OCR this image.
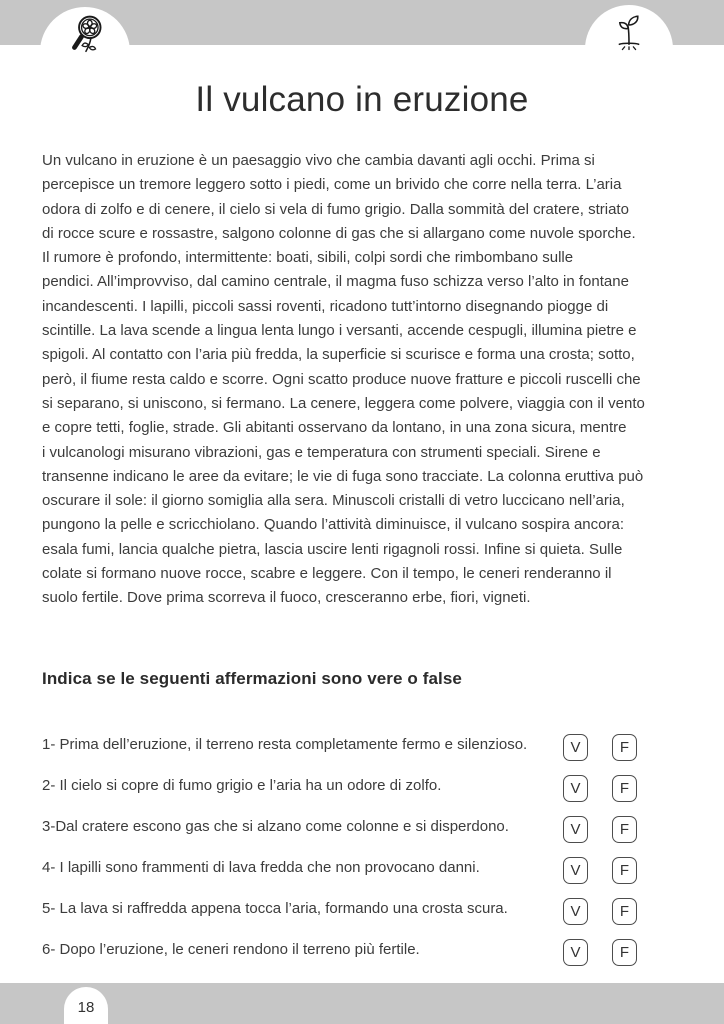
Il vulcano in eruzione
Un vulcano in eruzione è un paesaggio vivo che cambia davanti agli occhi. Prima si
percepisce un tremore leggero sotto i piedi, come un brivido che corre nella terra. L’aria
odora di zolfo e di cenere, il cielo si vela di fumo grigio. Dalla sommità del cratere, striato
di rocce scure e rossastre, salgono colonne di gas che si allargano come nuvole sporche.
Il rumore è profondo, intermittente: boati, sibili, colpi sordi che rimbombano sulle
pendici. All’improvviso, dal camino centrale, il magma fuso schizza verso l’alto in fontane
incandescenti. I lapilli, piccoli sassi roventi, ricadono tutt’intorno disegnando piogge di
scintille. La lava scende a lingua lenta lungo i versanti, accende cespugli, illumina pietre e
spigoli. Al contatto con l’aria più fredda, la superficie si scurisce e forma una crosta; sotto,
però, il fiume resta caldo e scorre. Ogni scatto produce nuove fratture e piccoli ruscelli che
si separano, si uniscono, si fermano. La cenere, leggera come polvere, viaggia con il vento
e copre tetti, foglie, strade. Gli abitanti osservano da lontano, in una zona sicura, mentre
i vulcanologi misurano vibrazioni, gas e temperatura con strumenti speciali. Sirene e
transenne indicano le aree da evitare; le vie di fuga sono tracciate. La colonna eruttiva può
oscurare il sole: il giorno somiglia alla sera. Minuscoli cristalli di vetro luccicano nell’aria,
pungono la pelle e scricchiolano. Quando l’attività diminuisce, il vulcano sospira ancora:
esala fumi, lancia qualche pietra, lascia uscire lenti rigagnoli rossi. Infine si quieta. Sulle
colate si formano nuove rocce, scabre e leggere. Con il tempo, le ceneri renderanno il
suolo fertile. Dove prima scorreva il fuoco, cresceranno erbe, fiori, vigneti.
Indica se le seguenti affermazioni sono vere o false
1- Prima dell’eruzione, il terreno resta completamente fermo e silenzioso.	V	F
2- Il cielo si copre di fumo grigio e l’aria ha un odore di zolfo.	V	F
3-Dal cratere escono gas che si alzano come colonne e si disperdono.	V	F
4- I lapilli sono frammenti di lava fredda che non provocano danni.	V	F
5- La lava si raffredda appena tocca l’aria, formando una crosta scura.	V	F
6- Dopo l’eruzione, le ceneri rendono il terreno più fertile.	V	F
18
